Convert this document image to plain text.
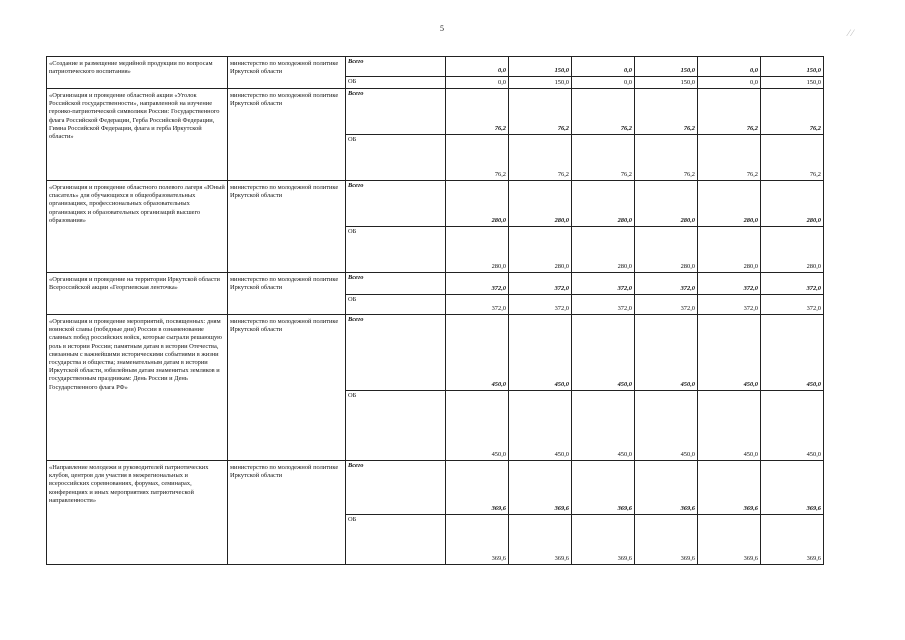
5	⁄ ⁄
«Создание и размещение медийной продукции по вопросам патриотического воспитания»	министерство по молодежной политике Иркутской области	Всего	0,0	150,0	0,0	150,0	0,0	150,0
		ОБ	0,0	150,0	0,0	150,0	0,0	150,0
«Организация и проведение областной акции «Уголок Российской государственности», направленной на изучение героико-патриотической символики России: Государственного флага Российской Федерации, Герба Российской Федерации, Гимна Российской Федерации, флага и герба Иркутской области»	министерство по молодежной политике Иркутской области	Всего	76,2	76,2	76,2	76,2	76,2	76,2
		ОБ	76,2	76,2	76,2	76,2	76,2	76,2
«Организация и проведение областного полевого лагеря «Юный спасатель» для обучающихся в общеобразовательных организациях, профессиональных образовательных организациях и образовательных организаций высшего образования»	министерство по молодежной политике Иркутской области	Всего	280,0	280,0	280,0	280,0	280,0	280,0
		ОБ	280,0	280,0	280,0	280,0	280,0	280,0
«Организация и проведение на территории Иркутской области Всероссийской акции «Георгиевская ленточка»	министерство по молодежной политике Иркутской области	Всего	372,0	372,0	372,0	372,0	372,0	372,0
		ОБ	372,0	372,0	372,0	372,0	372,0	372,0
«Организация и проведение мероприятий, посвященных: дням воинской славы (победные дни) России в ознаменование славных побед российских войск, которые сыграли решающую роль в истории России; памятным датам в истории Отечества, связанным с важнейшими историческими событиями в жизни государства и общества; знаменательным датам в истории Иркутской области, юбилейным датам знаменитых земляков и государственным праздникам: День России и День Государственного флага РФ»	министерство по молодежной политике Иркутской области	Всего	450,0	450,0	450,0	450,0	450,0	450,0
		ОБ	450,0	450,0	450,0	450,0	450,0	450,0
«Направление молодежи и руководителей патриотических клубов, центров для участия в межрегиональных и всероссийских соревнованиях, форумах, семинарах, конференциях и иных мероприятиях патриотической направленности»	министерство по молодежной политике Иркутской области	Всего	369,6	369,6	369,6	369,6	369,6	369,6
		ОБ	369,6	369,6	369,6	369,6	369,6	369,6
